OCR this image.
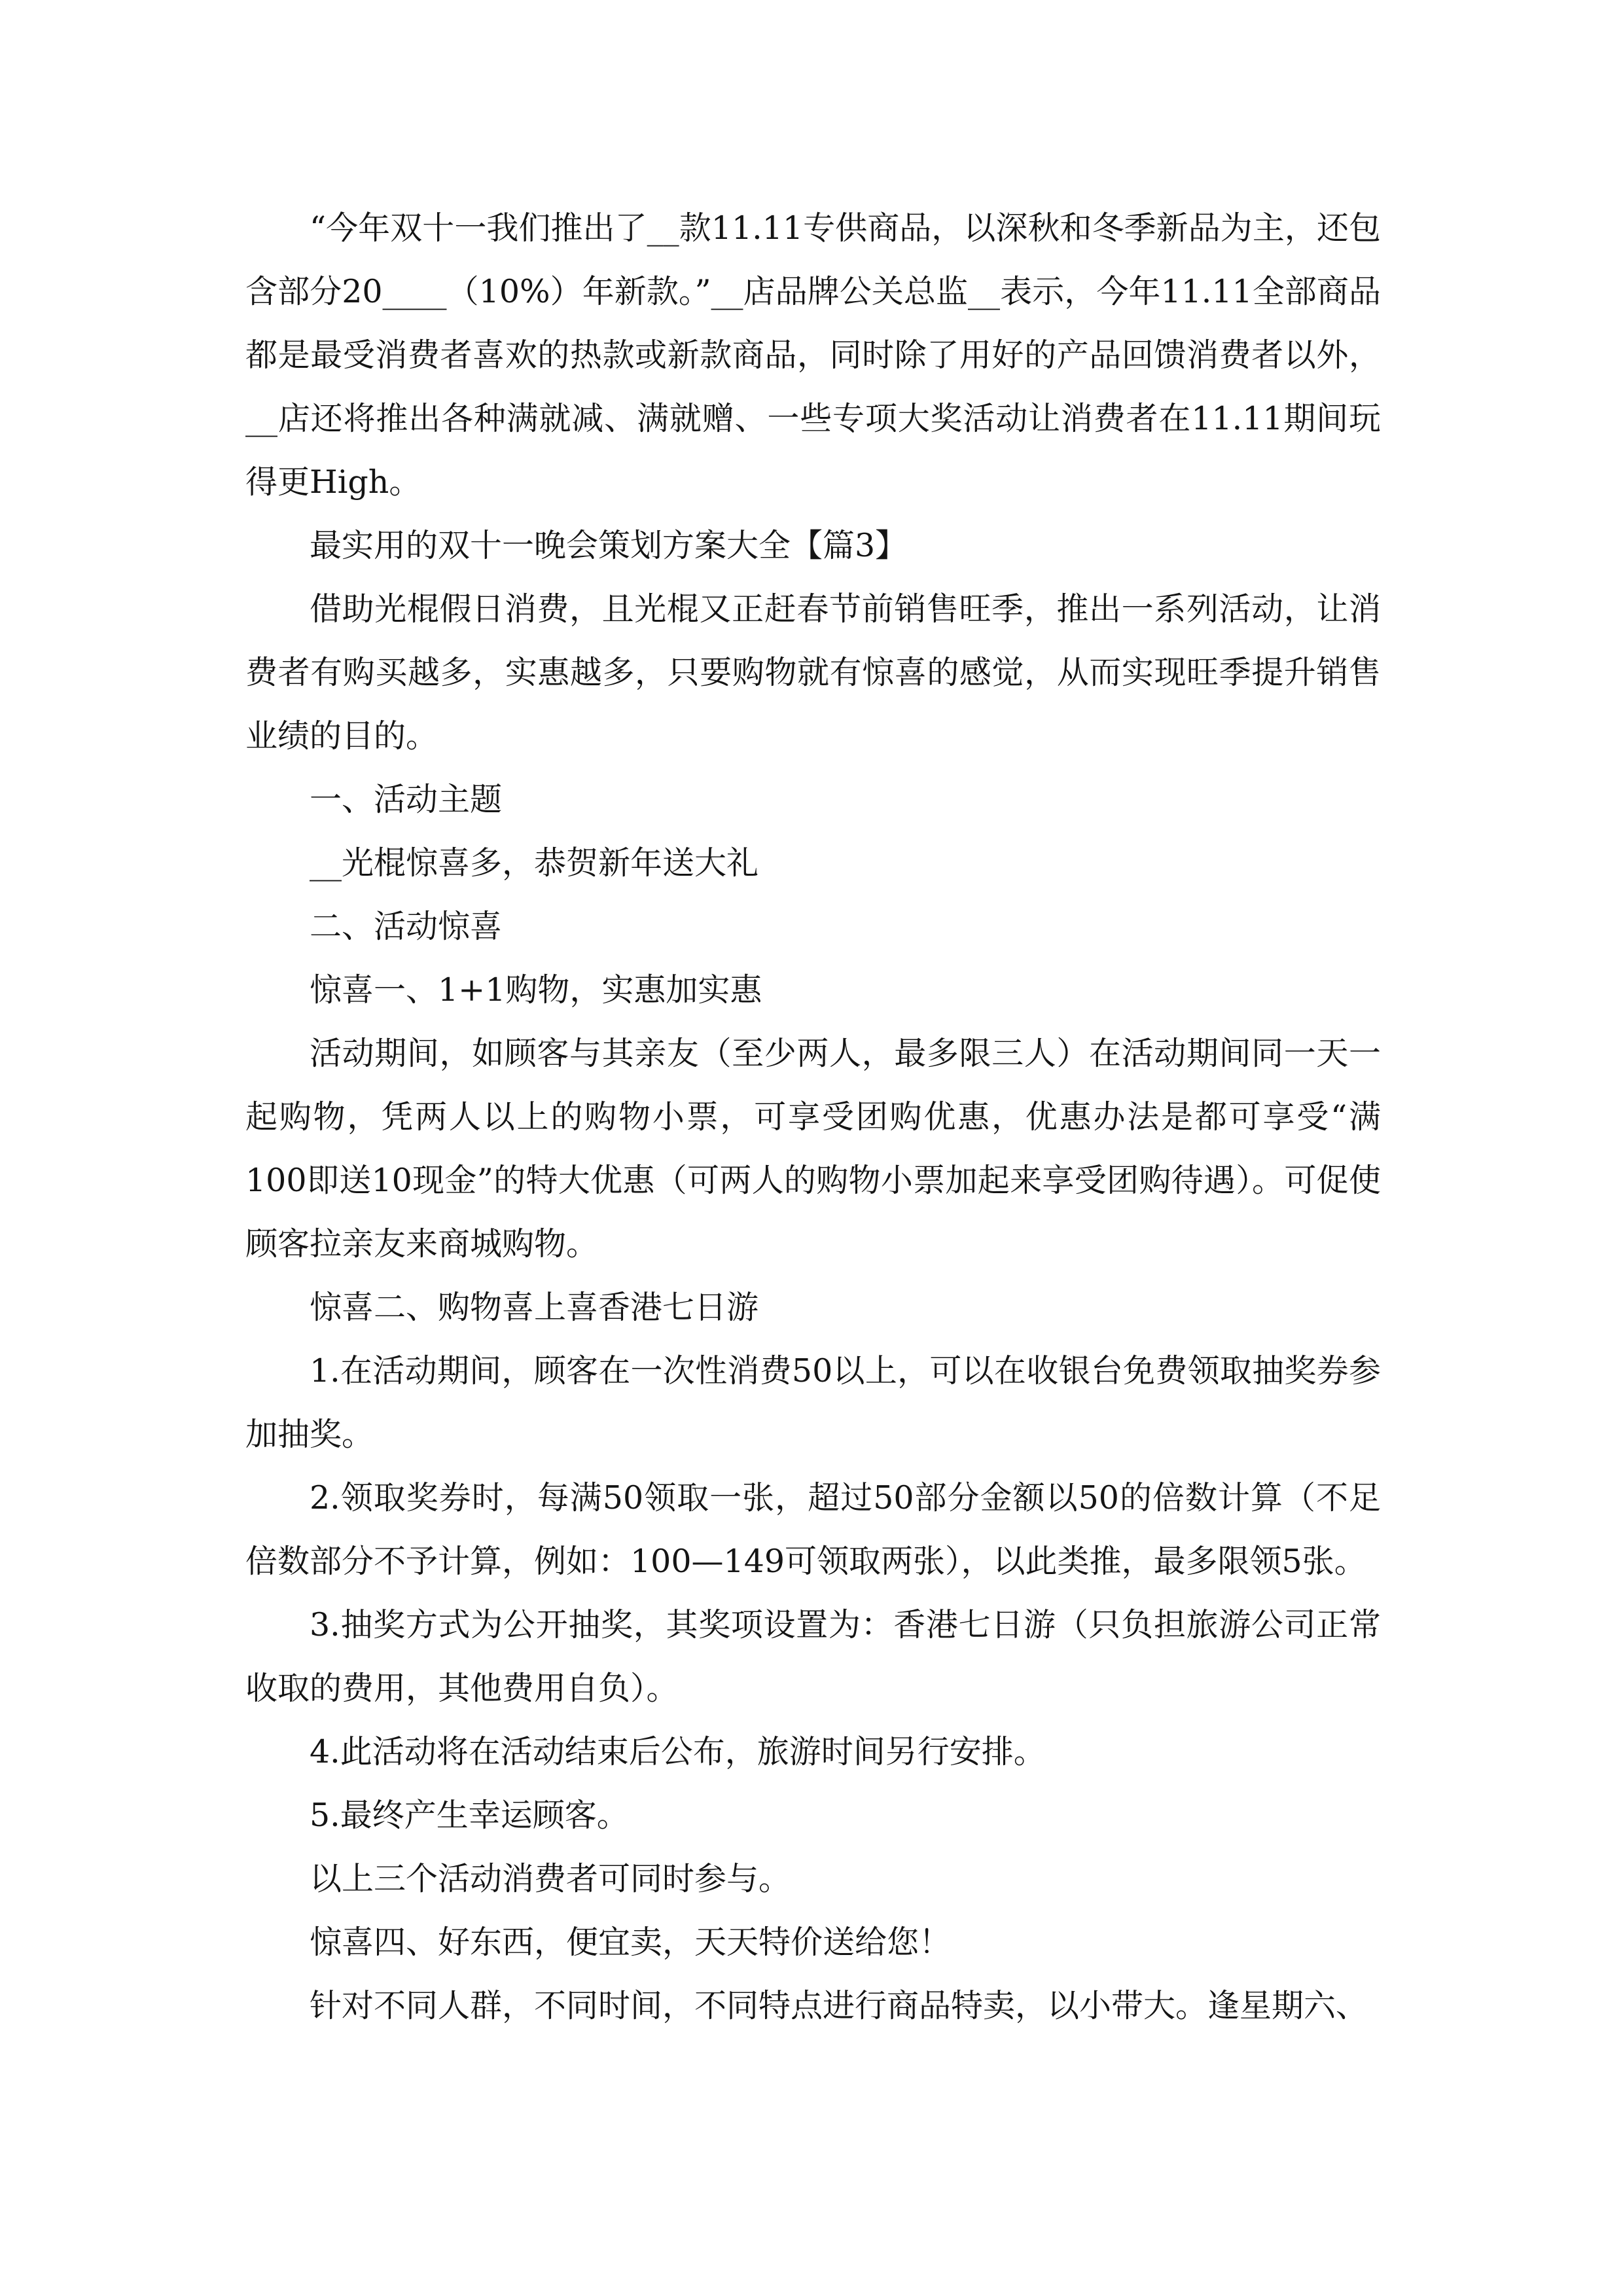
“今年双十一我们推出了__款11.11专供商品，以深秋和冬季新品为主，还包含部分20____（10%）年新款。”__店品牌公关总监__表示，今年11.11全部商品都是最受消费者喜欢的热款或新款商品，同时除了用好的产品回馈消费者以外，__店还将推出各种满就减、满就赠、一些专项大奖活动让消费者在11.11期间玩得更High。

最实用的双十一晚会策划方案大全【篇3】

借助光棍假日消费，且光棍又正赶春节前销售旺季，推出一系列活动，让消费者有购买越多，实惠越多，只要购物就有惊喜的感觉，从而实现旺季提升销售业绩的目的。

一、活动主题

__光棍惊喜多，恭贺新年送大礼

二、活动惊喜

惊喜一、1+1购物，实惠加实惠

活动期间，如顾客与其亲友（至少两人，最多限三人）在活动期间同一天一起购物，凭两人以上的购物小票，可享受团购优惠，优惠办法是都可享受“满100即送10现金”的特大优惠（可两人的购物小票加起来享受团购待遇）。可促使顾客拉亲友来商城购物。

惊喜二、购物喜上喜香港七日游

1.在活动期间，顾客在一次性消费50以上，可以在收银台免费领取抽奖券参加抽奖。

2.领取奖券时，每满50领取一张，超过50部分金额以50的倍数计算（不足倍数部分不予计算，例如：100—149可领取两张），以此类推，最多限领5张。

3.抽奖方式为公开抽奖，其奖项设置为：香港七日游（只负担旅游公司正常收取的费用，其他费用自负）。

4.此活动将在活动结束后公布，旅游时间另行安排。

5.最终产生幸运顾客。

以上三个活动消费者可同时参与。

惊喜四、好东西，便宜卖，天天特价送给您！

针对不同人群，不同时间，不同特点进行商品特卖，以小带大。逢星期六、
